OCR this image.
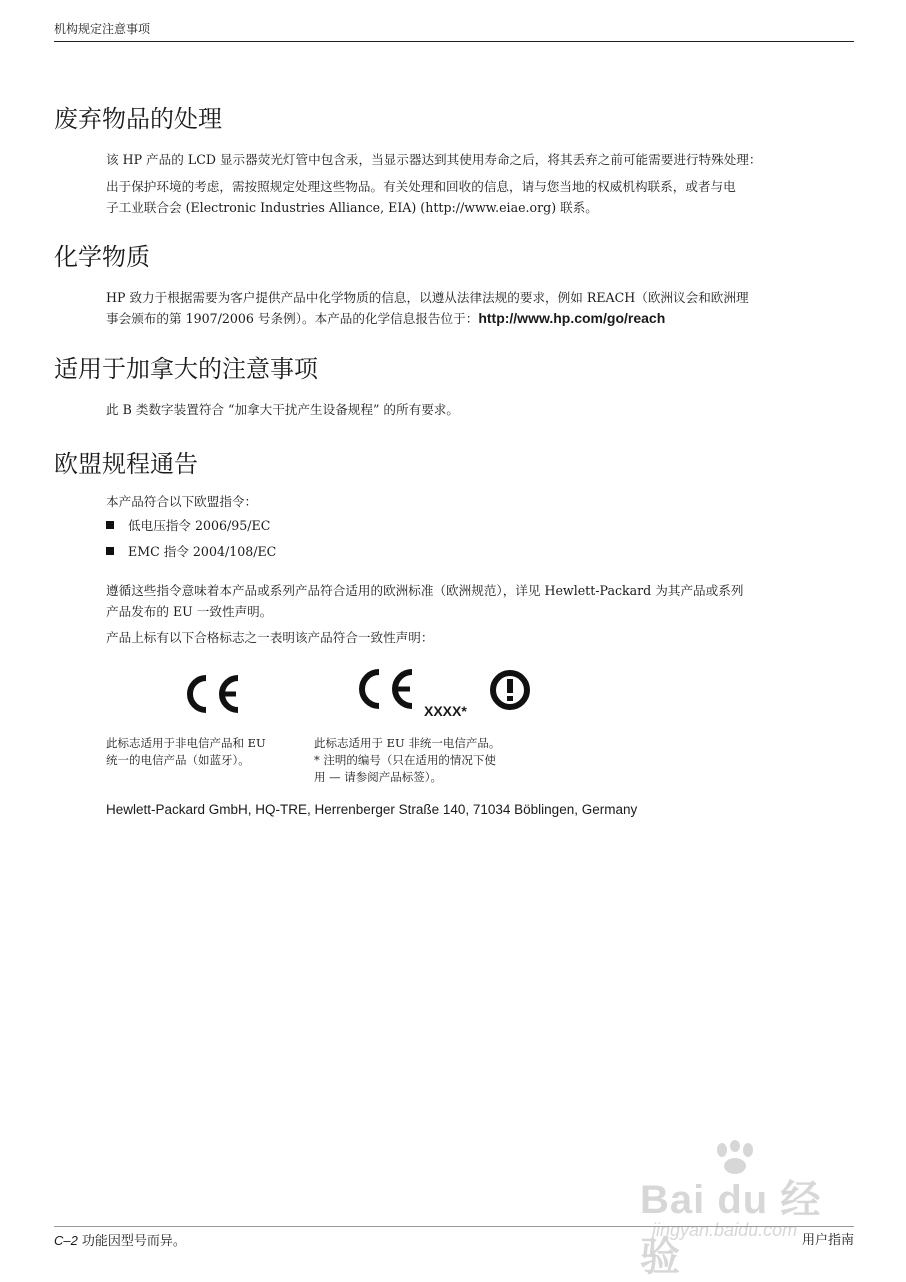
机构规定注意事项
废弃物品的处理

该 HP 产品的 LCD 显示器荧光灯管中包含汞，当显示器达到其使用寿命之后，将其丢弃之前可能需要进行特殊处理：

出于保护环境的考虑，需按照规定处理这些物品。有关处理和回收的信息，请与您当地的权威机构联系，或者与电
子工业联合会 (Electronic Industries Alliance, EIA) (http://www.eiae.org) 联系。
化学物质
HP 致力于根据需要为客户提供产品中化学物质的信息，以遵从法律法规的要求，例如 REACH（欧洲议会和欧洲理
事会颁布的第 1907/2006 号条例）。本产品的化学信息报告位于：http://www.hp.com/go/reach
适用于加拿大的注意事项

此 B 类数字装置符合 “加拿大干扰产生设备规程” 的所有要求。

欧盟规程通告

本产品符合以下欧盟指令：

低电压指令 2006/95/EC
EMC 指令 2004/108/EC
遵循这些指令意味着本产品或系列产品符合适用的欧洲标准（欧洲规范），详见 Hewlett-Packard 为其产品或系列
产品发布的 EU 一致性声明。

产品上标有以下合格标志之一表明该产品符合一致性声明：

XXXX*
此标志适用于非电信产品和 EU
统一的电信产品（如蓝牙）。
此标志适用于 EU 非统一电信产品。
* 注明的编号（只在适用的情况下使
用 — 请参阅产品标签）。
Hewlett-Packard GmbH, HQ-TRE, Herrenberger Straße 140, 71034 Böblingen, Germany
Bai du 经验
jingyan.baidu.com
C–2 功能因型号而异。	用户指南
